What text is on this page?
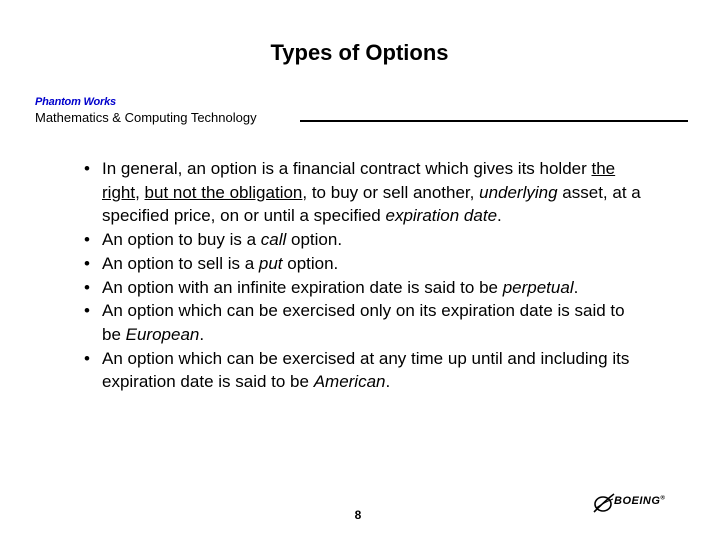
Types of Options
Phantom Works
Mathematics & Computing Technology
• In general, an option is a financial contract which gives its holder the right, but not the obligation, to buy or sell another, underlying asset, at a specified price, on or until a specified expiration date.
• An option to buy is a call option.
• An option to sell is a put option.
• An option with an infinite expiration date is said to be perpetual.
• An option which can be exercised only on its expiration date is said to be European.
• An option which can be exercised at any time up until and including its expiration date is said to be American.
8
BOEING®
